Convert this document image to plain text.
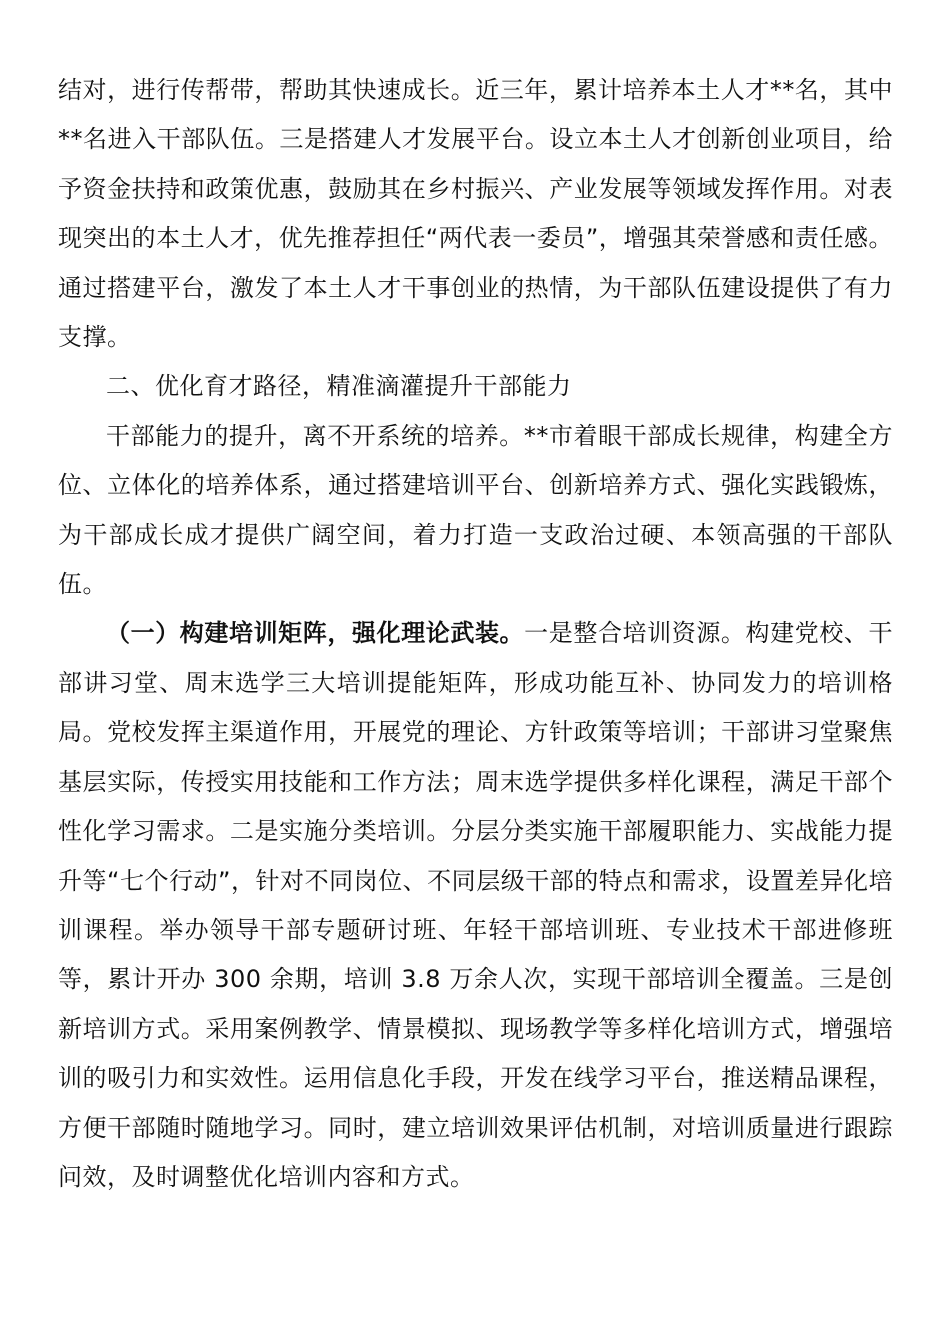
结对，进行传帮带，帮助其快速成长。近三年，累计培养本土人才**名，其中**名进入干部队伍。三是搭建人才发展平台。设立本土人才创新创业项目，给予资金扶持和政策优惠，鼓励其在乡村振兴、产业发展等领域发挥作用。对表现突出的本土人才，优先推荐担任“两代表一委员”，增强其荣誉感和责任感。通过搭建平台，激发了本土人才干事创业的热情，为干部队伍建设提供了有力支撑。

二、优化育才路径，精准滴灌提升干部能力

干部能力的提升，离不开系统的培养。**市着眼干部成长规律，构建全方位、立体化的培养体系，通过搭建培训平台、创新培养方式、强化实践锻炼，为干部成长成才提供广阔空间，着力打造一支政治过硬、本领高强的干部队伍。

（一）构建培训矩阵，强化理论武装。一是整合培训资源。构建党校、干部讲习堂、周末选学三大培训提能矩阵，形成功能互补、协同发力的培训格局。党校发挥主渠道作用，开展党的理论、方针政策等培训；干部讲习堂聚焦基层实际，传授实用技能和工作方法；周末选学提供多样化课程，满足干部个性化学习需求。二是实施分类培训。分层分类实施干部履职能力、实战能力提升等“七个行动”，针对不同岗位、不同层级干部的特点和需求，设置差异化培训课程。举办领导干部专题研讨班、年轻干部培训班、专业技术干部进修班等，累计开办 300 余期，培训 3.8 万余人次，实现干部培训全覆盖。三是创新培训方式。采用案例教学、情景模拟、现场教学等多样化培训方式，增强培训的吸引力和实效性。运用信息化手段，开发在线学习平台，推送精品课程，方便干部随时随地学习。同时，建立培训效果评估机制，对培训质量进行跟踪问效，及时调整优化培训内容和方式。
